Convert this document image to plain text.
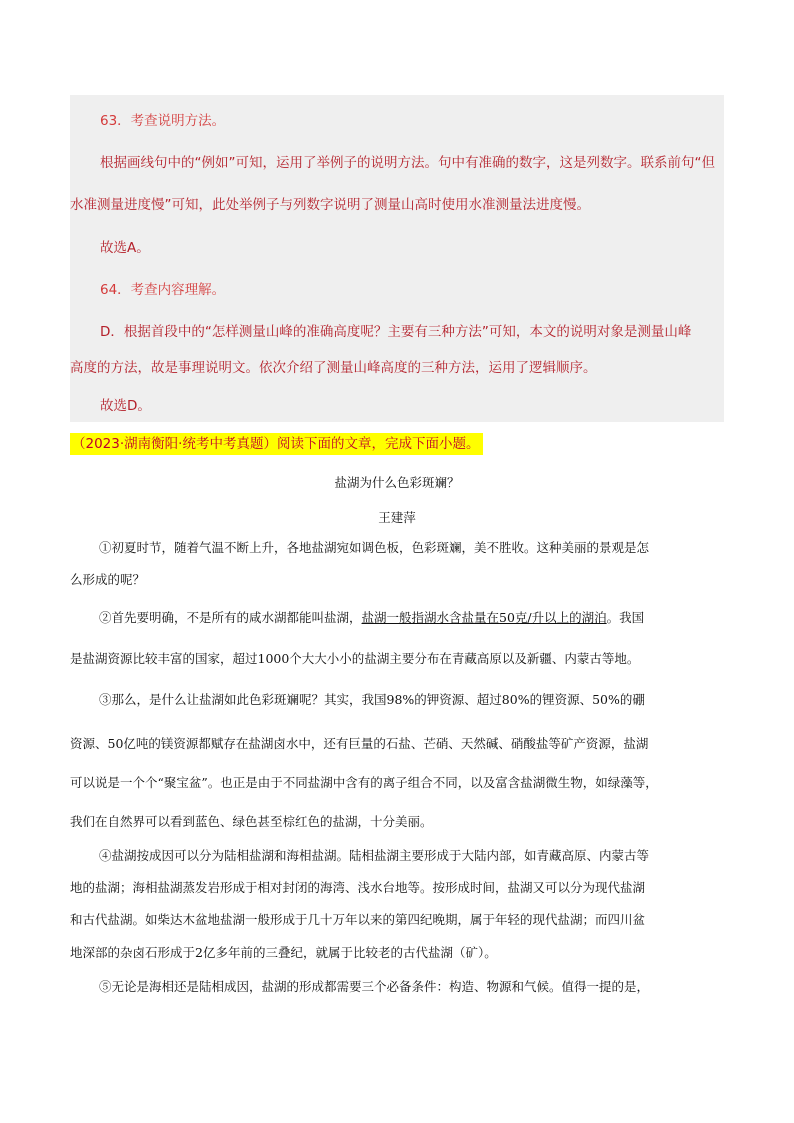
63．考查说明方法。
根据画线句中的“例如”可知，运用了举例子的说明方法。句中有准确的数字，这是列数字。联系前句“但
水准测量进度慢”可知，此处举例子与列数字说明了测量山高时使用水准测量法进度慢。
故选A。
64．考查内容理解。
D．根据首段中的“怎样测量山峰的准确高度呢？主要有三种方法”可知，本文的说明对象是测量山峰
高度的方法，故是事理说明文。依次介绍了测量山峰高度的三种方法，运用了逻辑顺序。
故选D。
（2023·湖南衡阳·统考中考真题）阅读下面的文章，完成下面小题。
盐湖为什么色彩斑斓？
王建萍
①初夏时节，随着气温不断上升，各地盐湖宛如调色板，色彩斑斓，美不胜收。这种美丽的景观是怎
么形成的呢？
②首先要明确，不是所有的咸水湖都能叫盐湖，盐湖一般指湖水含盐量在50克/升以上的湖泊。我国
是盐湖资源比较丰富的国家，超过1000个大大小小的盐湖主要分布在青藏高原以及新疆、内蒙古等地。
③那么，是什么让盐湖如此色彩斑斓呢？其实，我国98%的钾资源、超过80%的锂资源、50%的硼
资源、50亿吨的镁资源都赋存在盐湖卤水中，还有巨量的石盐、芒硝、天然碱、硝酸盐等矿产资源，盐湖
可以说是一个个“聚宝盆”。也正是由于不同盐湖中含有的离子组合不同，以及富含盐湖微生物，如绿藻等，
我们在自然界可以看到蓝色、绿色甚至棕红色的盐湖，十分美丽。
④盐湖按成因可以分为陆相盐湖和海相盐湖。陆相盐湖主要形成于大陆内部，如青藏高原、内蒙古等
地的盐湖；海相盐湖蒸发岩形成于相对封闭的海湾、浅水台地等。按形成时间，盐湖又可以分为现代盐湖
和古代盐湖。如柴达木盆地盐湖一般形成于几十万年以来的第四纪晚期，属于年轻的现代盐湖；而四川盆
地深部的杂卤石形成于2亿多年前的三叠纪，就属于比较老的古代盐湖（矿）。
⑤无论是海相还是陆相成因，盐湖的形成都需要三个必备条件：构造、物源和气候。值得一提的是，
